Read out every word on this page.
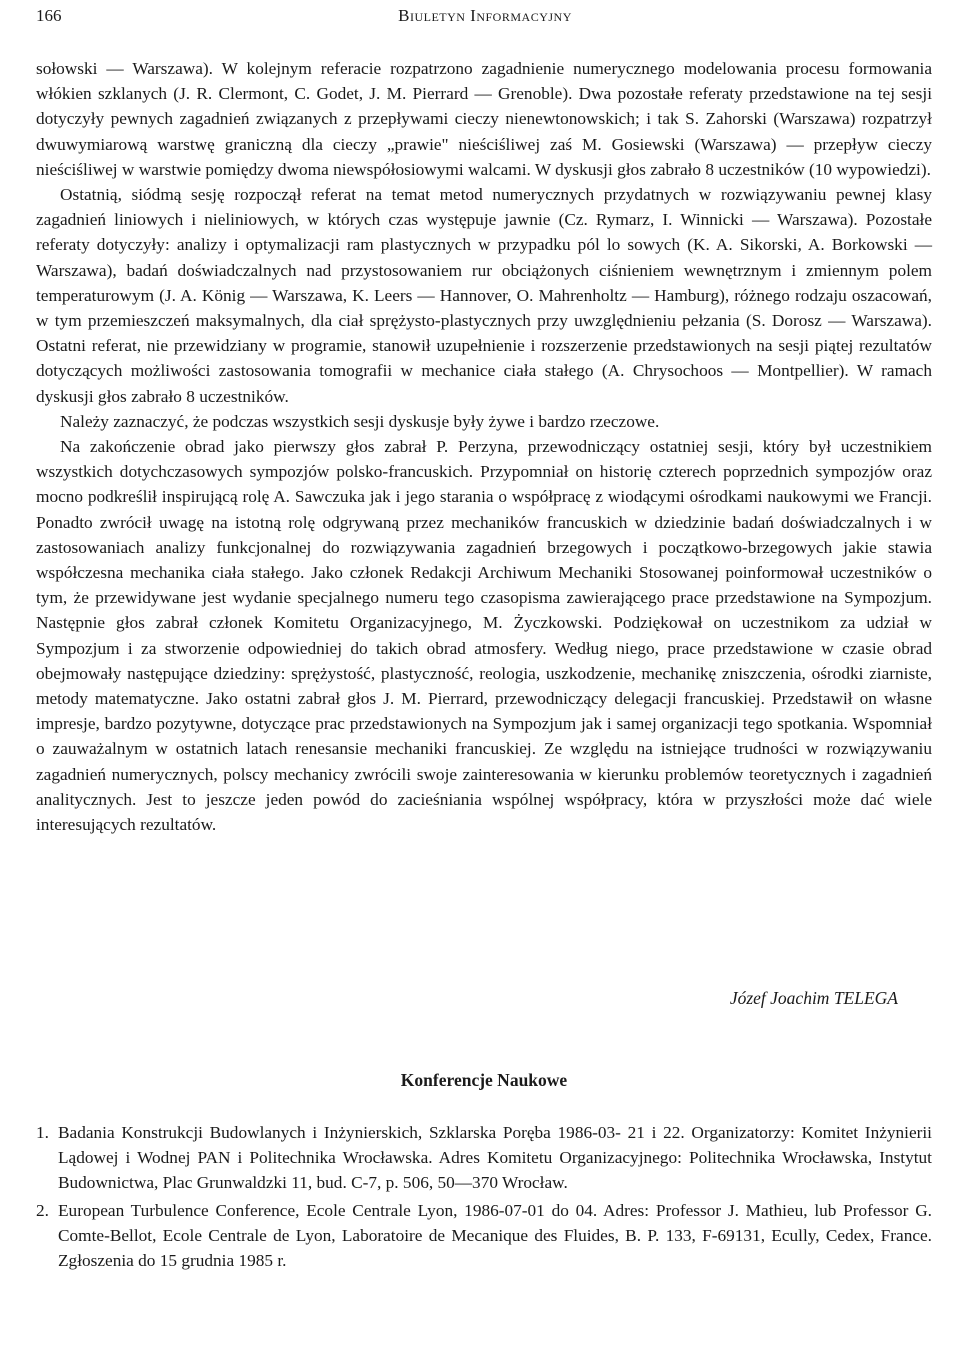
166	Biuletyn Informacyjny

sołowski — Warszawa). W kolejnym referacie rozpatrzono zagadnienie numerycznego modelowania procesu formowania włókien szklanych (J. R. Clermont, C. Godet, J. M. Pierrard — Grenoble). Dwa pozostałe referaty przedstawione na tej sesji dotyczyły pewnych zagadnień związanych z przepływami cieczy nienewtonowskich; i tak S. Zahorski (Warszawa) rozpatrzył dwuwymiarową warstwę graniczną dla cieczy „prawie" nieściśliwej zaś M. Gosiewski (Warszawa) — przepływ cieczy nieściśliwej w warstwie pomiędzy dwoma niewspółosiowymi walcami. W dyskusji głos zabrało 8 uczestników (10 wypowiedzi).

Ostatnią, siódmą sesję rozpoczął referat na temat metod numerycznych przydatnych w rozwiązywaniu pewnej klasy zagadnień liniowych i nieliniowych, w których czas występuje jawnie (Cz. Rymarz, I. Winnicki — Warszawa). Pozostałe referaty dotyczyły: analizy i optymalizacji ram plastycznych w przypadku pól lo sowych (K. A. Sikorski, A. Borkowski — Warszawa), badań doświadczalnych nad przystosowaniem rur obciążonych ciśnieniem wewnętrznym i zmiennym polem temperaturowym (J. A. König — Warszawa, K. Leers — Hannover, O. Mahrenholtz — Hamburg), różnego rodzaju oszacowań, w tym przemieszczeń maksymalnych, dla ciał sprężysto-plastycznych przy uwzględnieniu pełzania (S. Dorosz — Warszawa). Ostatni referat, nie przewidziany w programie, stanowił uzupełnienie i rozszerzenie przedstawionych na sesji piątej rezultatów dotyczących możliwości zastosowania tomografii w mechanice ciała stałego (A. Chrysochoos — Montpellier). W ramach dyskusji głos zabrało 8 uczestników.

Należy zaznaczyć, że podczas wszystkich sesji dyskusje były żywe i bardzo rzeczowe.

Na zakończenie obrad jako pierwszy głos zabrał P. Perzyna, przewodniczący ostatniej sesji, który był uczestnikiem wszystkich dotychczasowych sympozjów polsko-francuskich. Przypomniał on historię czterech poprzednich sympozjów oraz mocno podkreślił inspirującą rolę A. Sawczuka jak i jego starania o współpracę z wiodącymi ośrodkami naukowymi we Francji. Ponadto zwrócił uwagę na istotną rolę odgrywaną przez mechaników francuskich w dziedzinie badań doświadczalnych i w zastosowaniach analizy funkcjonalnej do rozwiązywania zagadnień brzegowych i początkowo-brzegowych jakie stawia współczesna mechanika ciała stałego. Jako członek Redakcji Archiwum Mechaniki Stosowanej poinformował uczestników o tym, że przewidywane jest wydanie specjalnego numeru tego czasopisma zawierającego prace przedstawione na Sympozjum. Następnie głos zabrał członek Komitetu Organizacyjnego, M. Życzkowski. Podziękował on uczestnikom za udział w Sympozjum i za stworzenie odpowiedniej do takich obrad atmosfery. Według niego, prace przedstawione w czasie obrad obejmowały następujące dziedziny: sprężystość, plastyczność, reologia, uszkodzenie, mechanikę zniszczenia, ośrodki ziarniste, metody matematyczne. Jako ostatni zabrał głos J. M. Pierrard, przewodniczący delegacji francuskiej. Przedstawił on własne impresje, bardzo pozytywne, dotyczące prac przedstawionych na Sympozjum jak i samej organizacji tego spotkania. Wspomniał o zauważalnym w ostatnich latach renesansie mechaniki francuskiej. Ze względu na istniejące trudności w rozwiązywaniu zagadnień numerycznych, polscy mechanicy zwrócili swoje zainteresowania w kierunku problemów teoretycznych i zagadnień analitycznych. Jest to jeszcze jeden powód do zacieśniania wspólnej współpracy, która w przyszłości może dać wiele interesujących rezultatów.

Józef Joachim TELEGA
Konferencje Naukowe
1. Badania Konstrukcji Budowlanych i Inżynierskich, Szklarska Poręba 1986-03- 21 i 22. Organizatorzy: Komitet Inżynierii Lądowej i Wodnej PAN i Politechnika Wrocławska. Adres Komitetu Organizacyjnego: Politechnika Wrocławska, Instytut Budownictwa, Plac Grunwaldzki 11, bud. C-7, p. 506, 50—370 Wrocław.
2. European Turbulence Conference, Ecole Centrale Lyon, 1986-07-01 do 04. Adres: Professor J. Mathieu, lub Professor G. Comte-Bellot, Ecole Centrale de Lyon, Laboratoire de Mecanique des Fluides, B. P. 133, F-69131, Ecully, Cedex, France. Zgłoszenia do 15 grudnia 1985 r.
